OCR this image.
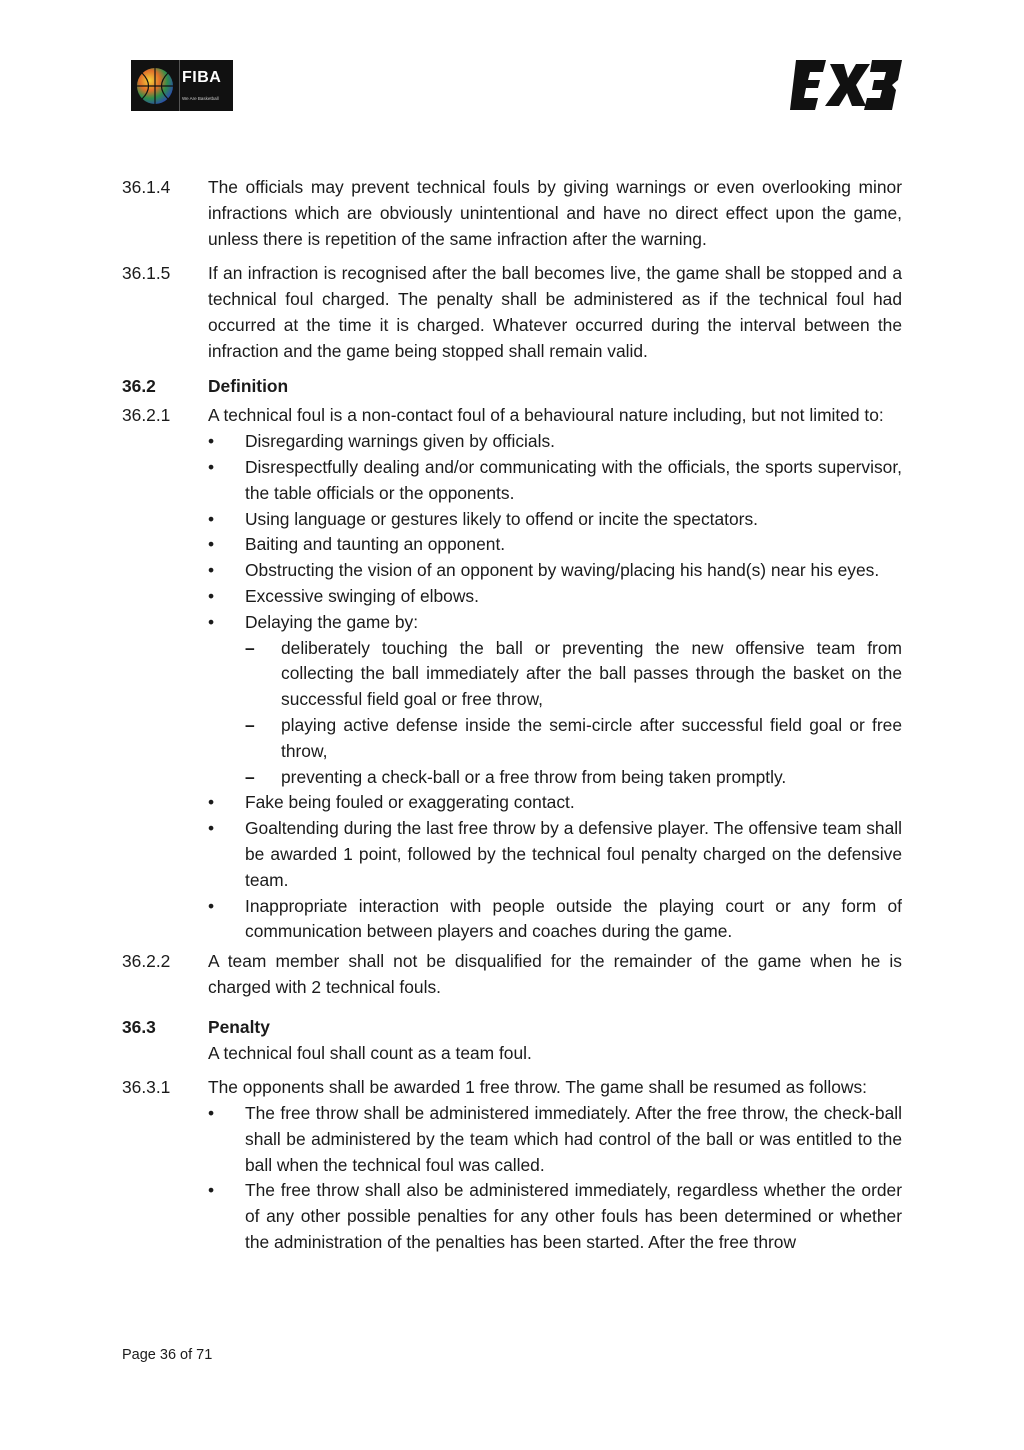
FIBA
We Are Basketball
36.1.4	The officials may prevent technical fouls by giving warnings or even overlooking minor infractions which are obviously unintentional and have no direct effect upon the game, unless there is repetition of the same infraction after the warning.
36.1.5	If an infraction is recognised after the ball becomes live, the game shall be stopped and a technical foul charged. The penalty shall be administered as if the technical foul had occurred at the time it is charged. Whatever occurred during the interval between the infraction and the game being stopped shall remain valid.
36.2	Definition
36.2.1	A technical foul is a non-contact foul of a behavioural nature including, but not limited to:
• Disregarding warnings given by officials.
• Disrespectfully dealing and/or communicating with the officials, the sports supervisor, the table officials or the opponents.
• Using language or gestures likely to offend or incite the spectators.
• Baiting and taunting an opponent.
• Obstructing the vision of an opponent by waving/placing his hand(s) near his eyes.
• Excessive swinging of elbows.
• Delaying the game by:
– deliberately touching the ball or preventing the new offensive team from collecting the ball immediately after the ball passes through the basket on the successful field goal or free throw,
– playing active defense inside the semi-circle after successful field goal or free throw,
– preventing a check-ball or a free throw from being taken promptly.
• Fake being fouled or exaggerating contact.
• Goaltending during the last free throw by a defensive player. The offensive team shall be awarded 1 point, followed by the technical foul penalty charged on the defensive team.
• Inappropriate interaction with people outside the playing court or any form of communication between players and coaches during the game.
36.2.2	A team member shall not be disqualified for the remainder of the game when he is charged with 2 technical fouls.
36.3	Penalty
A technical foul shall count as a team foul.
36.3.1	The opponents shall be awarded 1 free throw. The game shall be resumed as follows:
• The free throw shall be administered immediately. After the free throw, the check-ball shall be administered by the team which had control of the ball or was entitled to the ball when the technical foul was called.
• The free throw shall also be administered immediately, regardless whether the order of any other possible penalties for any other fouls has been determined or whether the administration of the penalties has been started. After the free throw
Page 36 of 71
